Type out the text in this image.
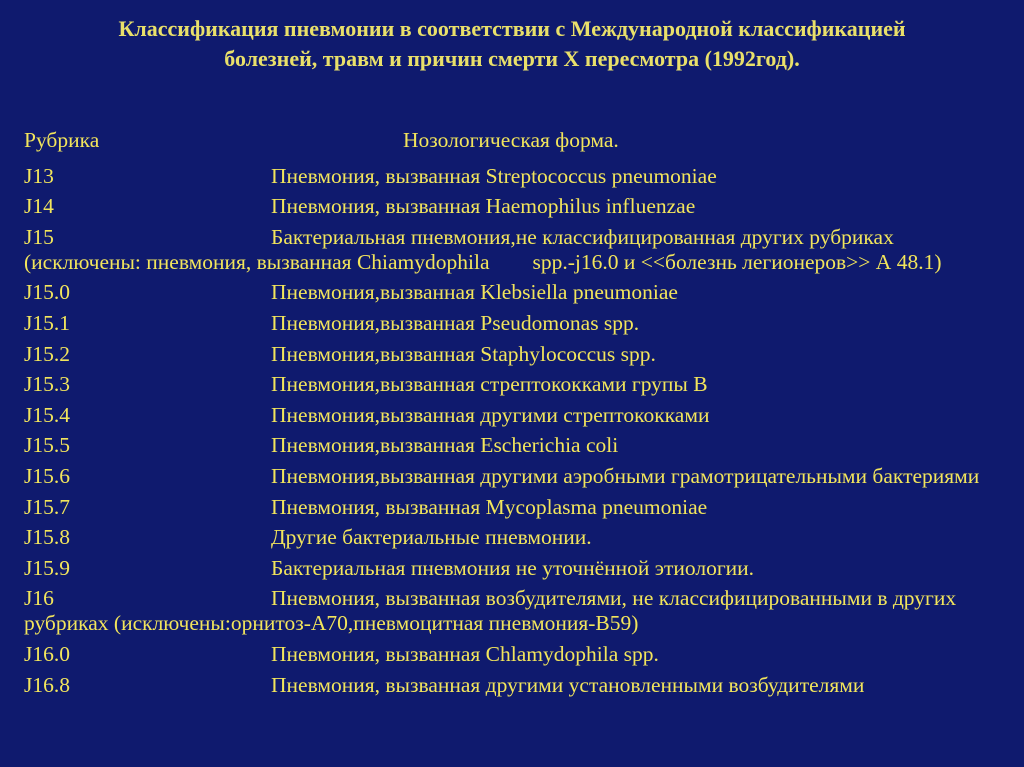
Классификация пневмонии в соответствии с Международной классификацией
болезней, травм и причин смерти X пересмотра (1992год).
Рубрика	Нозологическая форма.
J13	Пневмония, вызванная Streptococcus pneumoniae
J14	Пневмония, вызванная Haemophilus influenzae
J15	Бактериальная пневмония,не классифицированная других рубриках (исключены: пневмония, вызванная Chiamydophila        spp.-j16.0 и <<болезнь легионеров>> А 48.1)
J15.0	Пневмония,вызванная Klebsiella pneumoniae
J15.1	Пневмония,вызванная Pseudomonas spp.
J15.2	Пневмония,вызванная Staphylococcus spp.
J15.3	Пневмония,вызванная стрептококками групы В
J15.4	Пневмония,вызванная другими стрептококками
J15.5	Пневмония,вызванная Escherichia coli
J15.6	Пневмония,вызванная другими аэробными грамотрицательными бактериями
J15.7	Пневмония, вызванная Mycoplasma pneumoniae
J15.8	Другие бактериальные пневмонии.
J15.9	Бактериальная пневмония не уточнённой этиологии.
J16	Пневмония, вызванная возбудителями, не классифицированными в других рубриках (исключены:орнитоз-А70,пневмоцитная пневмония-В59)
J16.0	Пневмония, вызванная Chlamydophila spp.
J16.8	Пневмония, вызванная другими установленными возбудителями
